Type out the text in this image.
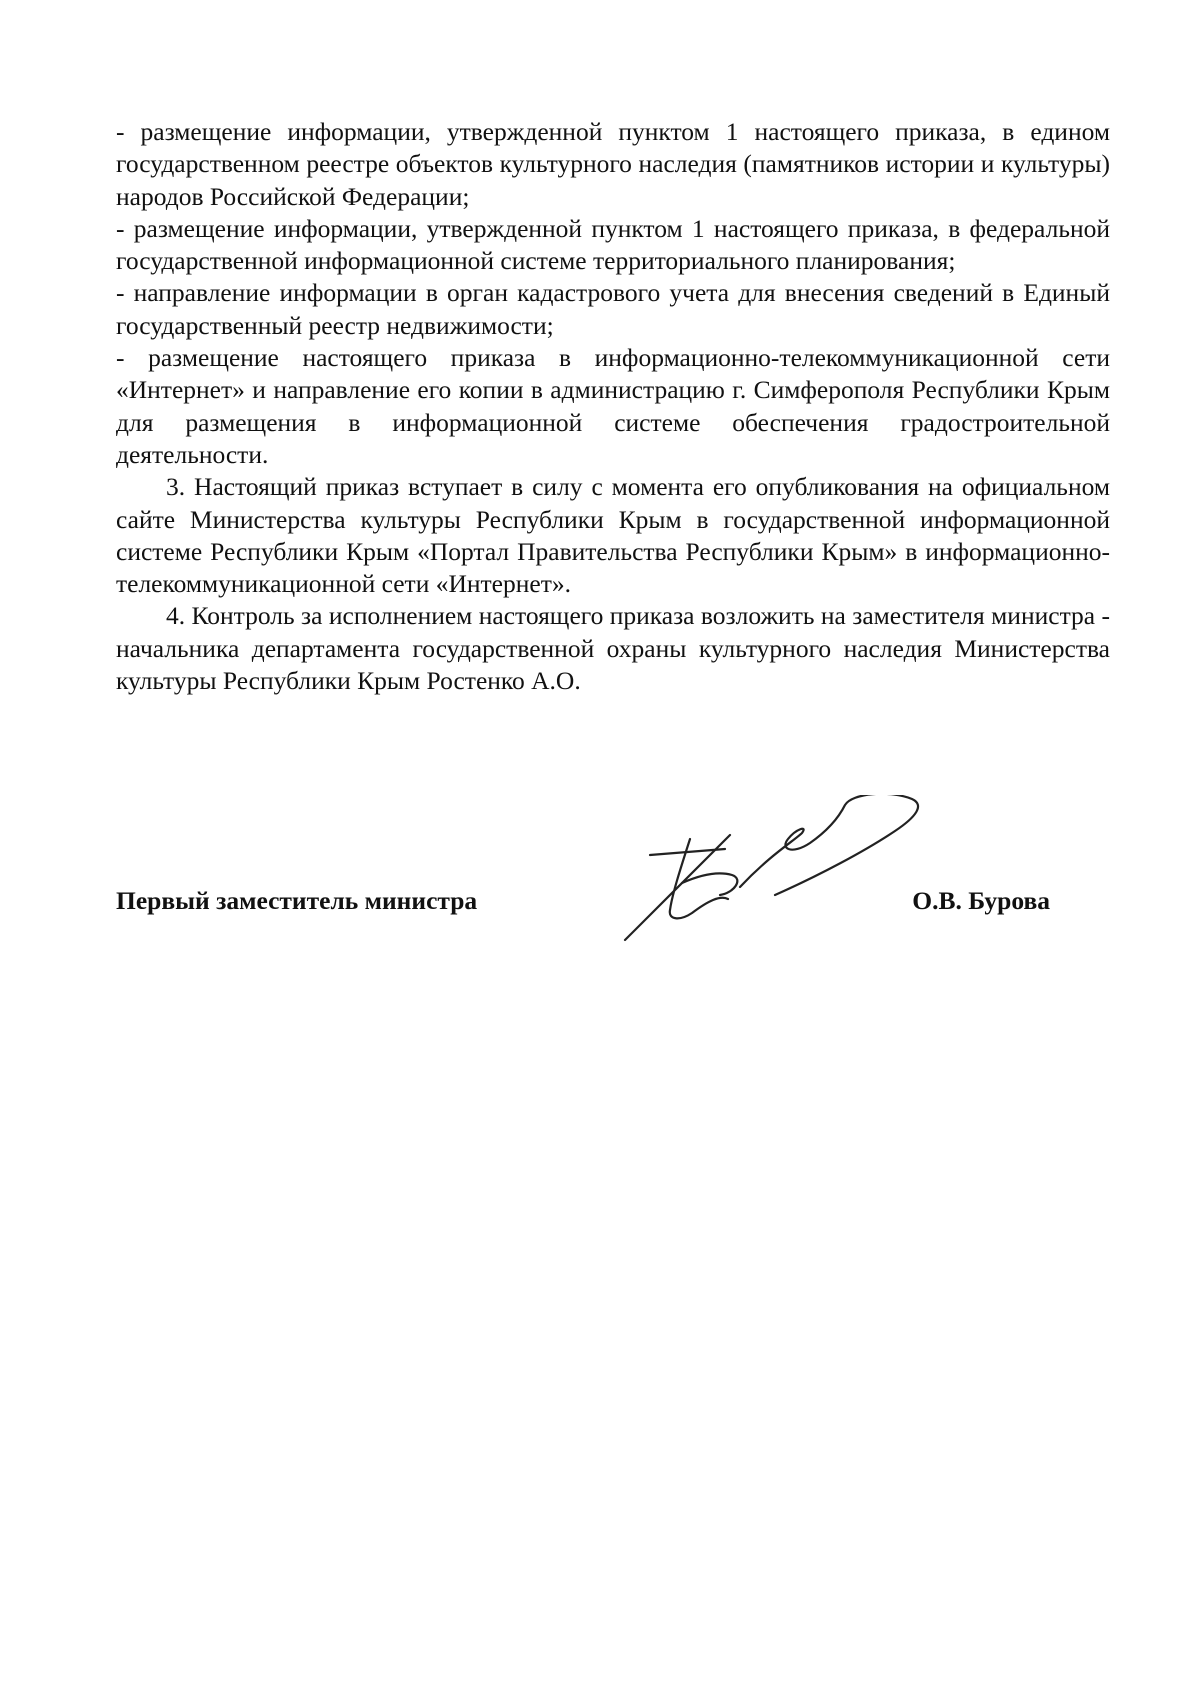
- размещение информации, утвержденной пунктом 1 настоящего приказа, в едином государственном реестре объектов культурного наследия (памятников истории и культуры) народов Российской Федерации;

- размещение информации, утвержденной пунктом 1 настоящего приказа, в федеральной государственной информационной системе территориального планирования;

- направление информации в орган кадастрового учета для внесения сведений в Единый государственный реестр недвижимости;

- размещение настоящего приказа в информационно-телекоммуникационной сети «Интернет» и направление его копии в администрацию г. Симферополя Республики Крым для размещения в информационной системе обеспечения градостроительной деятельности.

3. Настоящий приказ вступает в силу с момента его опубликования на официальном сайте Министерства культуры Республики Крым в государственной информационной системе Республики Крым «Портал Правительства Республики Крым» в информационно-телекоммуникационной сети «Интернет».

4. Контроль за исполнением настоящего приказа возложить на заместителя министра - начальника департамента государственной охраны культурного наследия Министерства культуры Республики Крым Ростенко А.О.

Первый заместитель министра	О.В. Бурова
